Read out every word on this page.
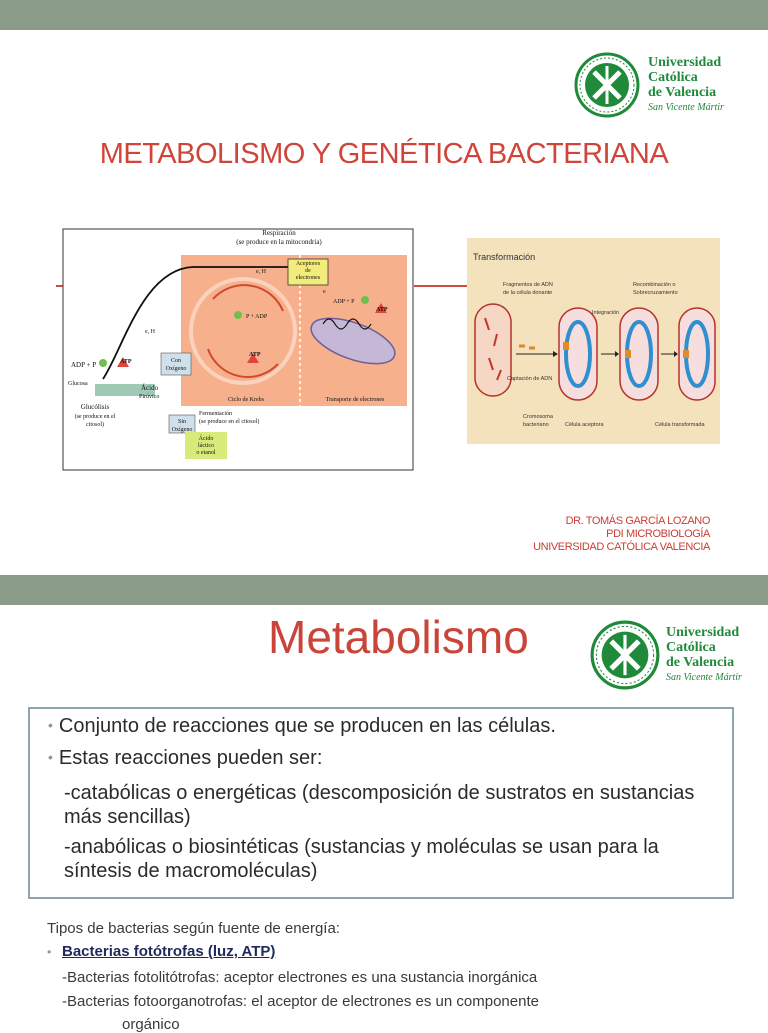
Universidad
Católica
de Valencia
San Vicente Mártir
METABOLISMO Y GENÉTICA BACTERIANA
Respiración
(se produce en la mitocondria)
Aceptores
de
electrones
e, H
e, H
ADP + P	ATP
Glucosa	Ácido
Pirúvico
Glucólisis
(se produce en el
citosol)
Con
Oxígeno
Sin
Oxígeno
Ciclo de Krebs
P + ADP
ATP
ADP + P
ATP
e
Transporte de electrones
Fermentación
(se produce en el citosol)
Ácido
láctico
o etanol
Transformación
Fragmentos de ADN
de la célula donante
Integración
Recombinación o
Sobrecruzamiento
Captación de ADN
Cromosoma
bacteriano	Célula aceptora	Célula transformada
DR. TOMÁS GARCÍA LOZANO
PDI MICROBIOLOGÍA
UNIVERSIDAD CATÓLICA VALENCIA
Metabolismo	Universidad
Católica
de Valencia
San Vicente Mártir
• Conjunto de reacciones que se producen en las células.
• Estas reacciones pueden ser:
-catabólicas o energéticas (descomposición de sustratos en sustancias más sencillas)
-anabólicas o biosintéticas (sustancias y moléculas se usan para la síntesis de macromoléculas)
Tipos de bacterias según fuente de energía:
• Bacterias fotótrofas (luz, ATP)
-Bacterias fotolitótrofas: aceptor electrones es una sustancia inorgánica
-Bacterias fotoorganotrofas: el aceptor de electrones es un componente
orgánico
